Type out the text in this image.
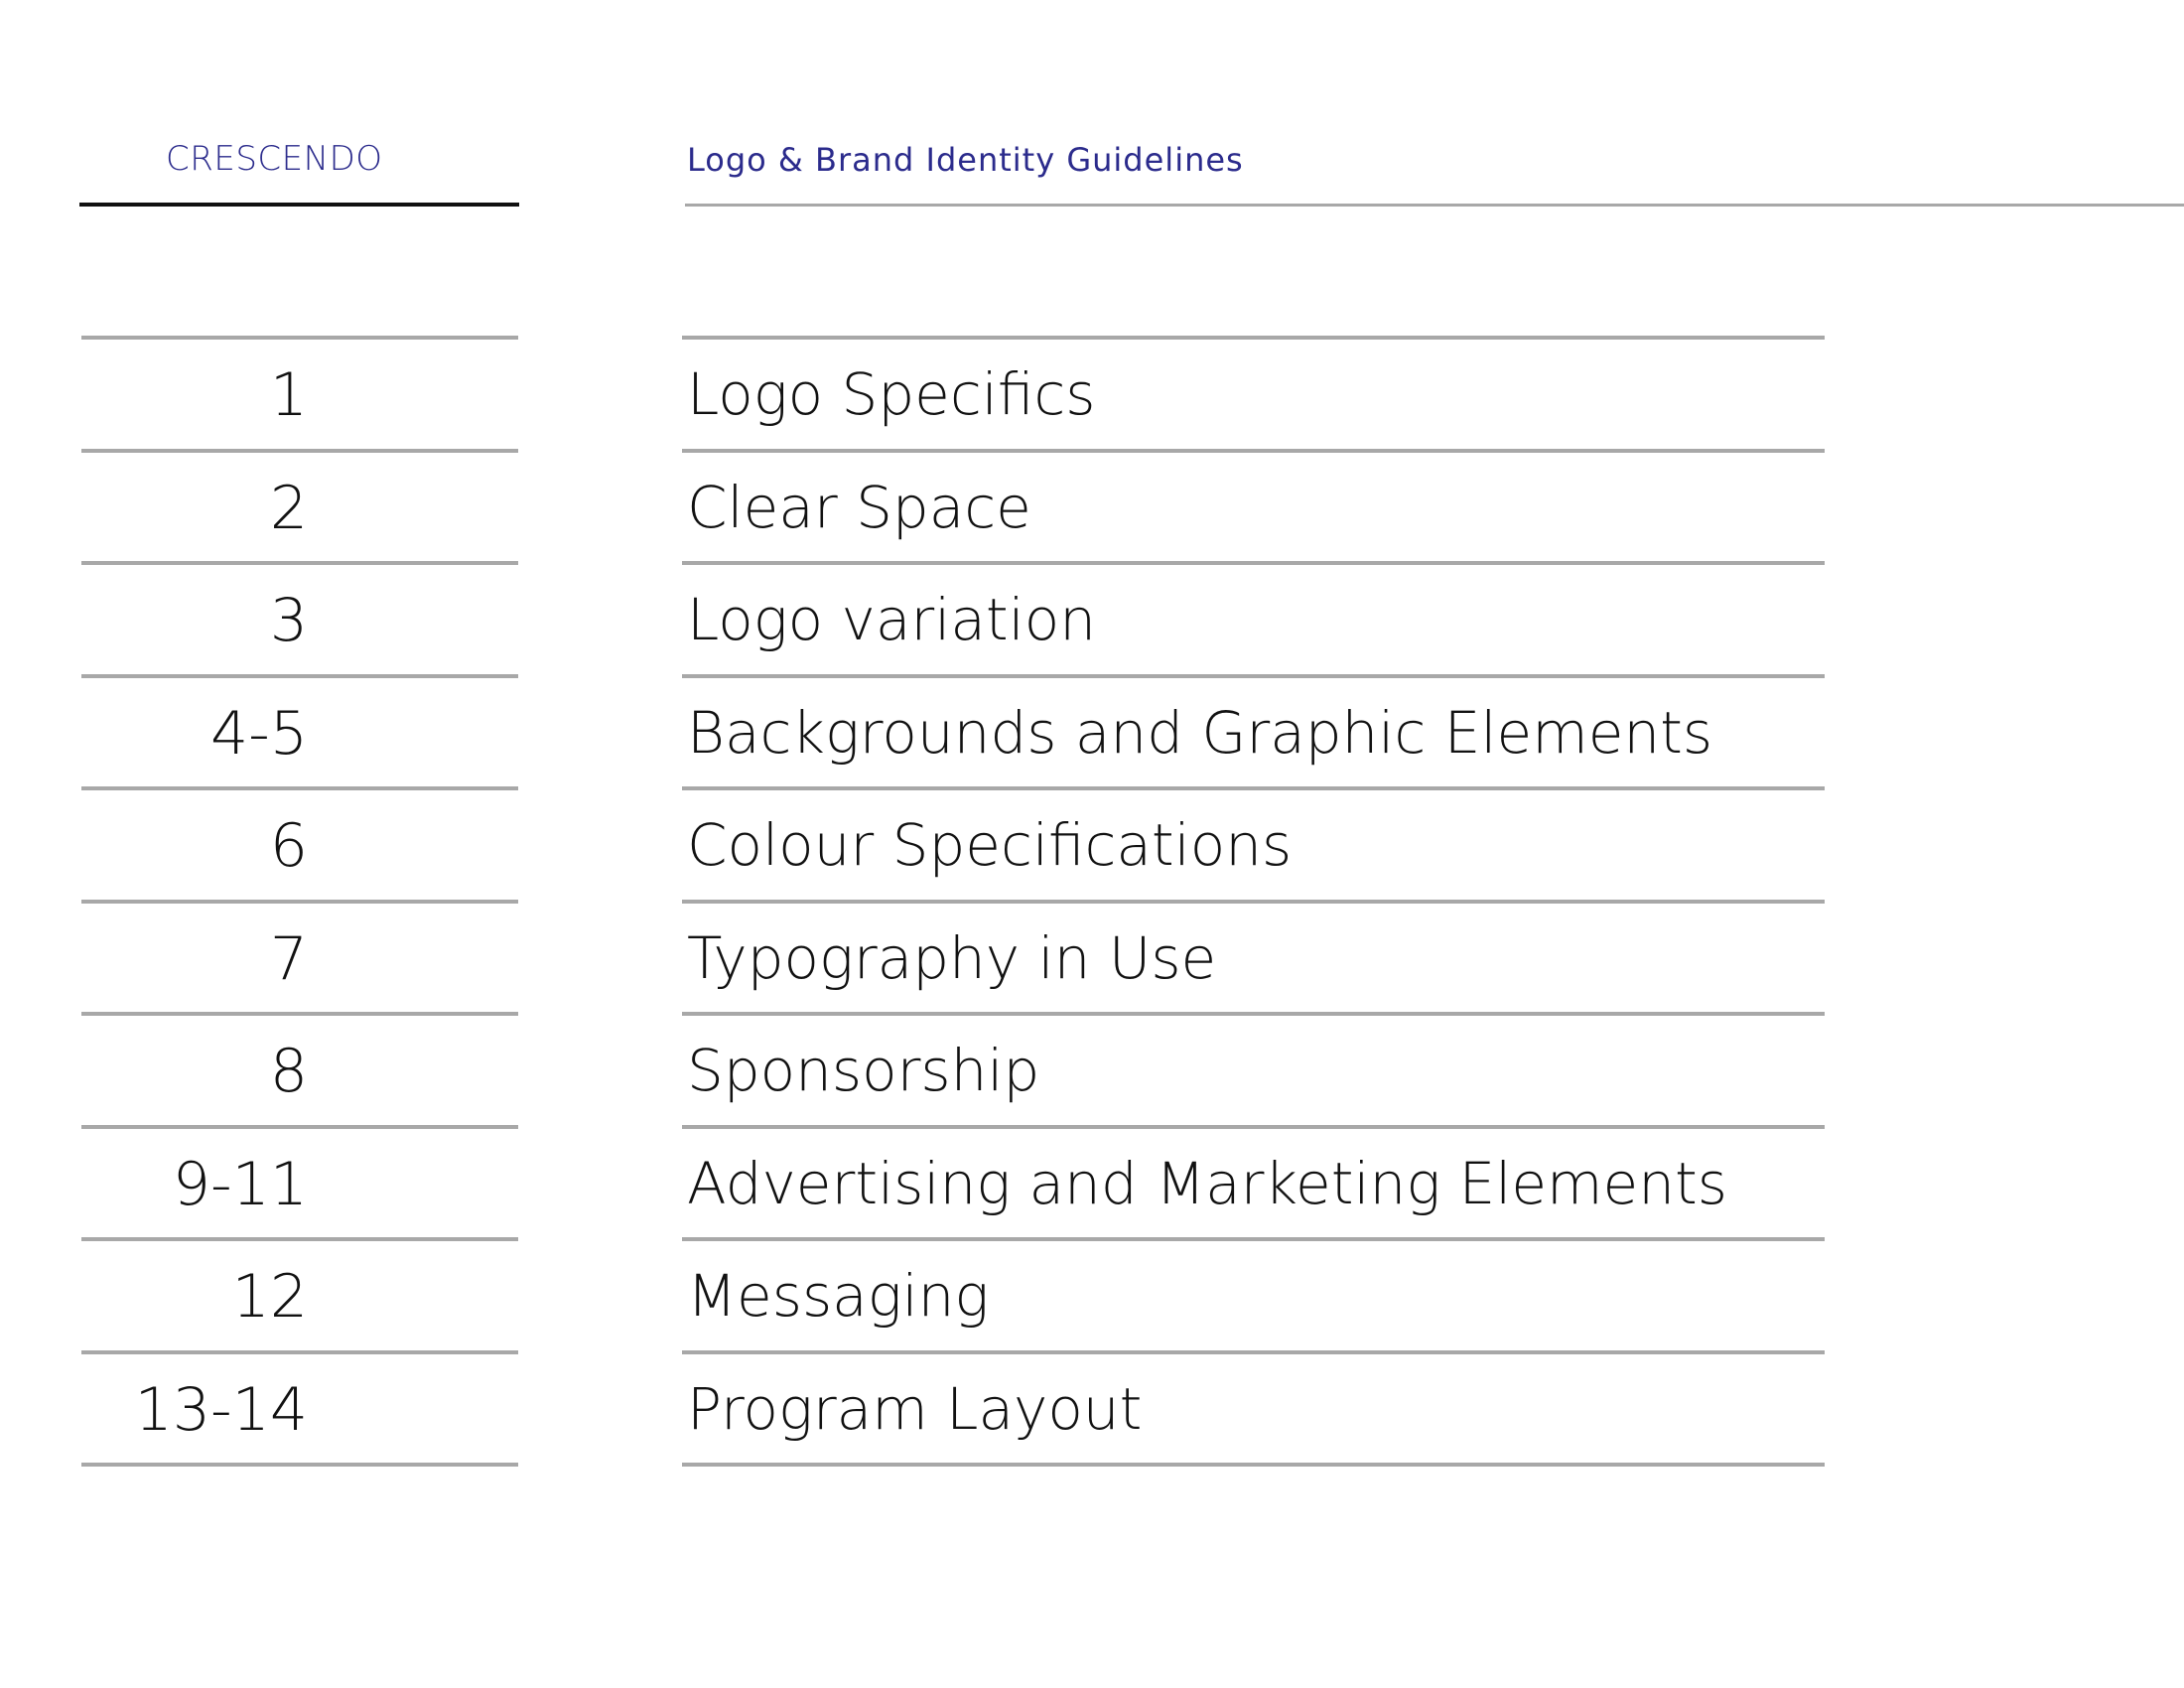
CRESCENDO	Logo & Brand Identity Guidelines
1	Logo Specifics
2	Clear Space
3	Logo variation
4-5	Backgrounds and Graphic Elements
6	Colour Specifications
7	Typography in Use
8	Sponsorship
9-11	Advertising and Marketing Elements
12	Messaging
13-14	Program Layout
